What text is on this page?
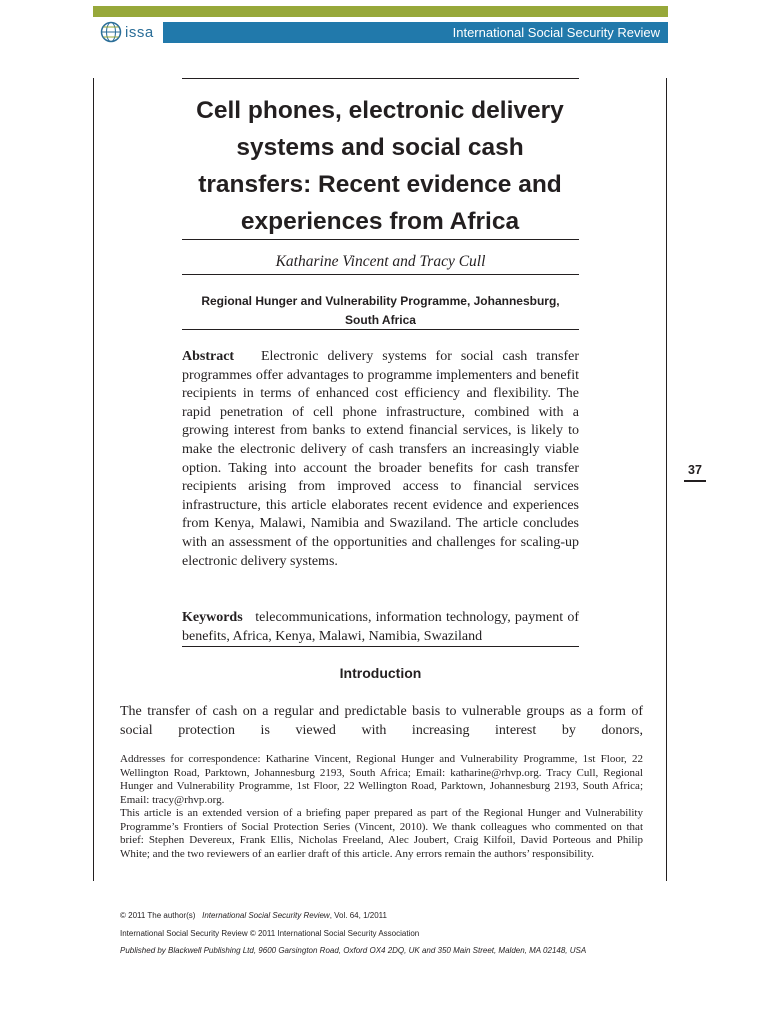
issa	International Social Security Review
Cell phones, electronic delivery systems and social cash transfers: Recent evidence and experiences from Africa
Katharine Vincent and Tracy Cull
Regional Hunger and Vulnerability Programme, Johannesburg,
South Africa
Abstract Electronic delivery systems for social cash transfer programmes offer advantages to programme implementers and benefit recipients in terms of enhanced cost efficiency and flexibility. The rapid penetration of cell phone infrastructure, combined with a growing interest from banks to extend financial services, is likely to make the electronic delivery of cash transfers an increasingly viable option. Taking into account the broader benefits for cash transfer recipients arising from improved access to financial services infrastructure, this article elaborates recent evidence and experiences from Kenya, Malawi, Namibia and Swaziland. The article concludes with an assessment of the opportunities and challenges for scaling-up electronic delivery systems.
Keywords telecommunications, information technology, payment of benefits, Africa, Kenya, Malawi, Namibia, Swaziland
Introduction
The transfer of cash on a regular and predictable basis to vulnerable groups as a form of social protection is viewed with increasing interest by donors,

Addresses for correspondence: Katharine Vincent, Regional Hunger and Vulnerability Programme, 1st Floor, 22 Wellington Road, Parktown, Johannesburg 2193, South Africa; Email: katharine@rhvp.org. Tracy Cull, Regional Hunger and Vulnerability Programme, 1st Floor, 22 Wellington Road, Parktown, Johannesburg 2193, South Africa; Email: tracy@rhvp.org.

This article is an extended version of a briefing paper prepared as part of the Regional Hunger and Vulnerability Programme’s Frontiers of Social Protection Series (Vincent, 2010). We thank colleagues who commented on that brief: Stephen Devereux, Frank Ellis, Nicholas Freeland, Alec Joubert, Craig Kilfoil, David Porteous and Philip White; and the two reviewers of an earlier draft of this article. Any errors remain the authors’ responsibility.

37
© 2011 The author(s) International Social Security Review, Vol. 64, 1/2011
International Social Security Review © 2011 International Social Security Association
Published by Blackwell Publishing Ltd, 9600 Garsington Road, Oxford OX4 2DQ, UK and 350 Main Street, Malden, MA 02148, USA
